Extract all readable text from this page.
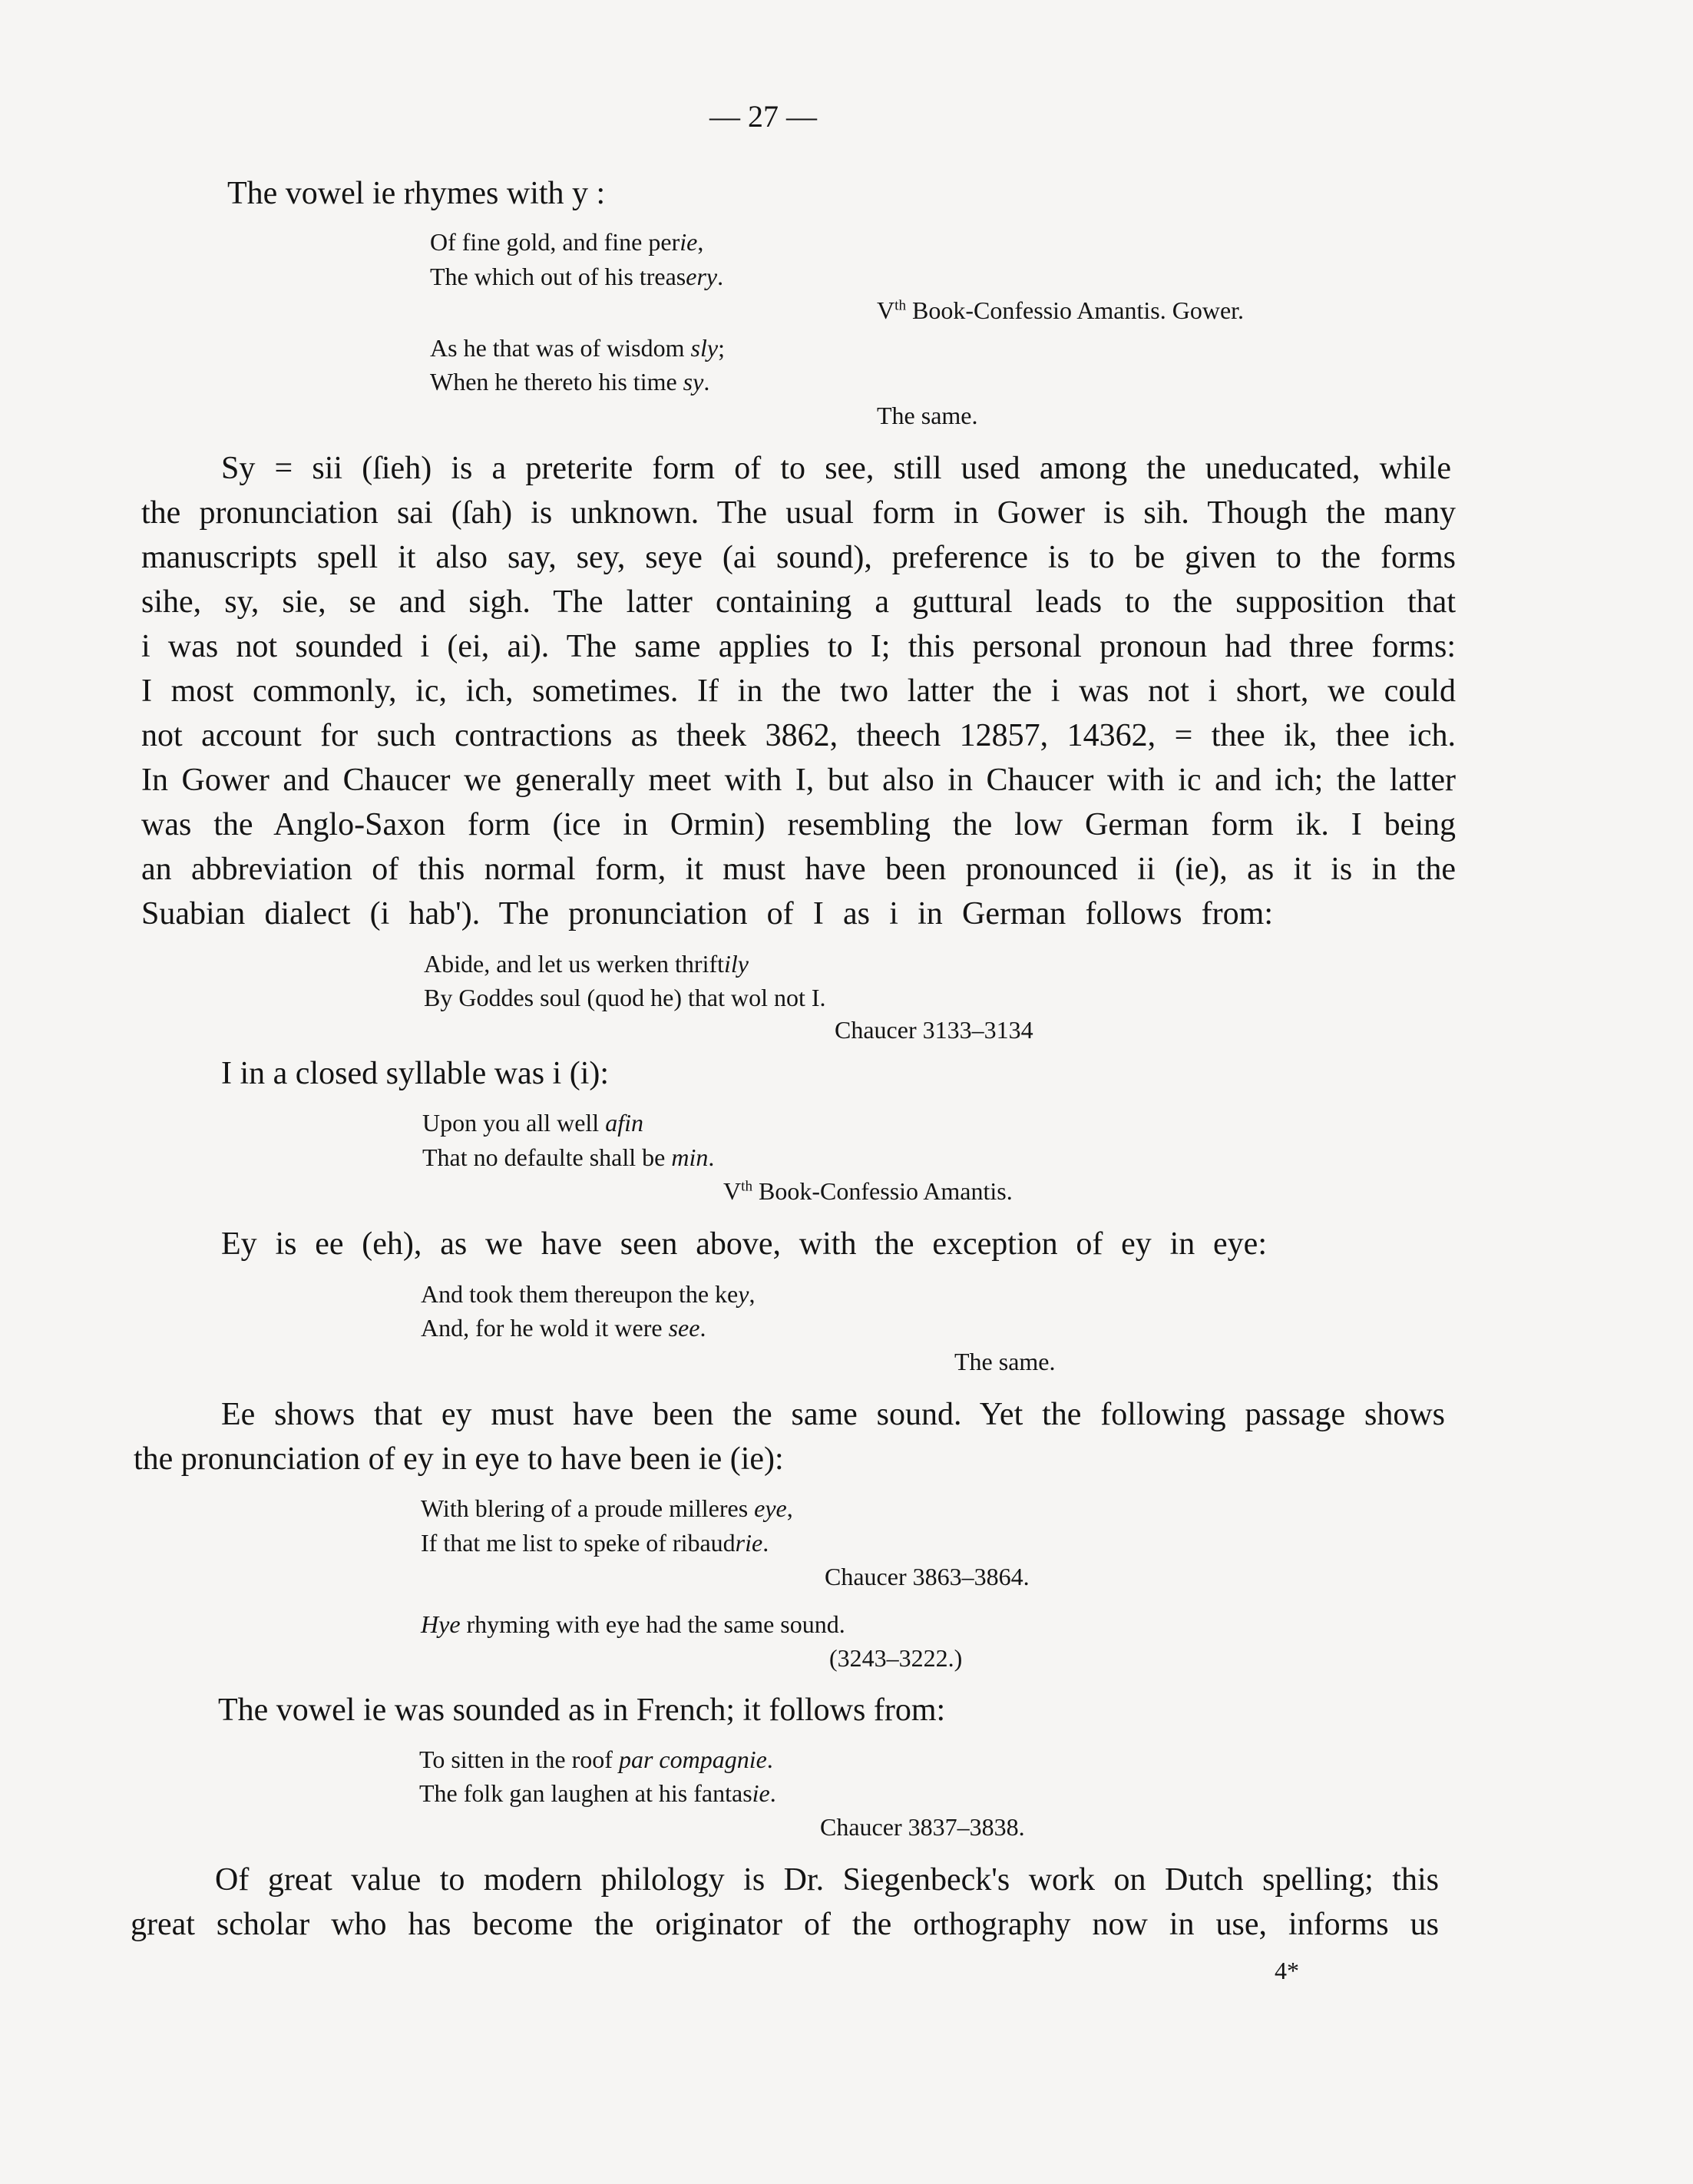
— 27 —
The vowel ie rhymes with y :
Of fine gold, and fine perie,
The which out of his treasery.
Vth Book-Confessio Amantis. Gower.
As he that was of wisdom sly;
When he thereto his time sy.
The same.
Sy = sii (ſieh) is a preterite form of to see, still used among the uneducated, while
the pronunciation sai (ſah) is unknown. The usual form in Gower is sih. Though the many
manuscripts spell it also say, sey, seye (ai sound), preference is to be given to the forms
sihe, sy, sie, se and sigh. The latter containing a guttural leads to the supposition that
i was not sounded i (ei, ai). The same applies to I; this personal pronoun had three forms:
I most commonly, ic, ich, sometimes. If in the two latter the i was not i short, we could
not account for such contractions as theek 3862, theech 12857, 14362, = thee ik, thee ich.
In Gower and Chaucer we generally meet with I, but also in Chaucer with ic and ich; the latter
was the Anglo-Saxon form (ice in Ormin) resembling the low German form ik. I being
an abbreviation of this normal form, it must have been pronounced ii (ie), as it is in the
Suabian dialect (i hab'). The pronunciation of I as i in German follows from:
Abide, and let us werken thriftily
By Goddes soul (quod he) that wol not I.
Chaucer 3133–3134
I in a closed syllable was i (i):
Upon you all well afin
That no defaulte shall be min.
Vth Book-Confessio Amantis.
Ey is ee (eh), as we have seen above, with the exception of ey in eye:
And took them thereupon the key,
And, for he wold it were see.
The same.
Ee shows that ey must have been the same sound. Yet the following passage shows
the pronunciation of ey in eye to have been ie (ie):
With blering of a proude milleres eye,
If that me list to speke of ribaudrie.
Chaucer 3863–3864.
Hye rhyming with eye had the same sound.
(3243–3222.)
The vowel ie was sounded as in French; it follows from:
To sitten in the roof par compagnie.
The folk gan laughen at his fantasie.
Chaucer 3837–3838.
Of great value to modern philology is Dr. Siegenbeck's work on Dutch spelling; this
great scholar who has become the originator of the orthography now in use, informs us
4*
